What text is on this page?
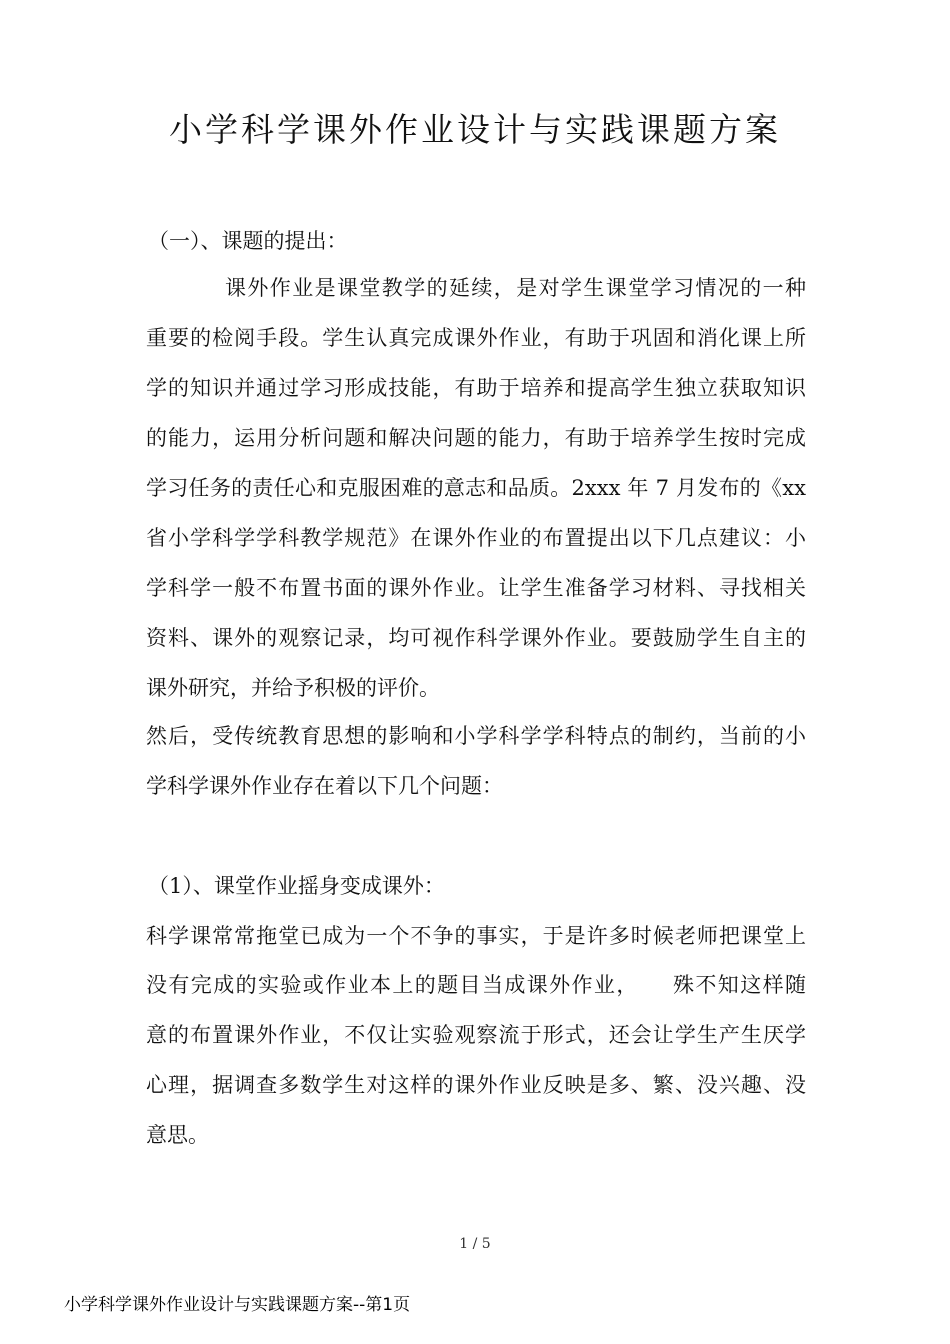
小学科学课外作业设计与实践课题方案

（一）、课题的提出：

课外作业是课堂教学的延续，是对学生课堂学习情况的一种

重要的检阅手段。学生认真完成课外作业，有助于巩固和消化课上所

学的知识并通过学习形成技能，有助于培养和提高学生独立获取知识

的能力，运用分析问题和解决问题的能力，有助于培养学生按时完成

学习任务的责任心和克服困难的意志和品质。2xxx 年 7 月发布的《xx

省小学科学学科教学规范》在课外作业的布置提出以下几点建议：小

学科学一般不布置书面的课外作业。让学生准备学习材料、寻找相关

资料、课外的观察记录，均可视作科学课外作业。要鼓励学生自主的

课外研究，并给予积极的评价。

然后，受传统教育思想的影响和小学科学学科特点的制约，当前的小

学科学课外作业存在着以下几个问题：

（1）、课堂作业摇身变成课外：

科学课常常拖堂已成为一个不争的事实，于是许多时候老师把课堂上

没有完成的实验或作业本上的题目当成课外作业，　　殊不知这样随

意的布置课外作业，不仅让实验观察流于形式，还会让学生产生厌学

心理，据调查多数学生对这样的课外作业反映是多、繁、没兴趣、没

意思。

1 / 5
小学科学课外作业设计与实践课题方案--第1页
